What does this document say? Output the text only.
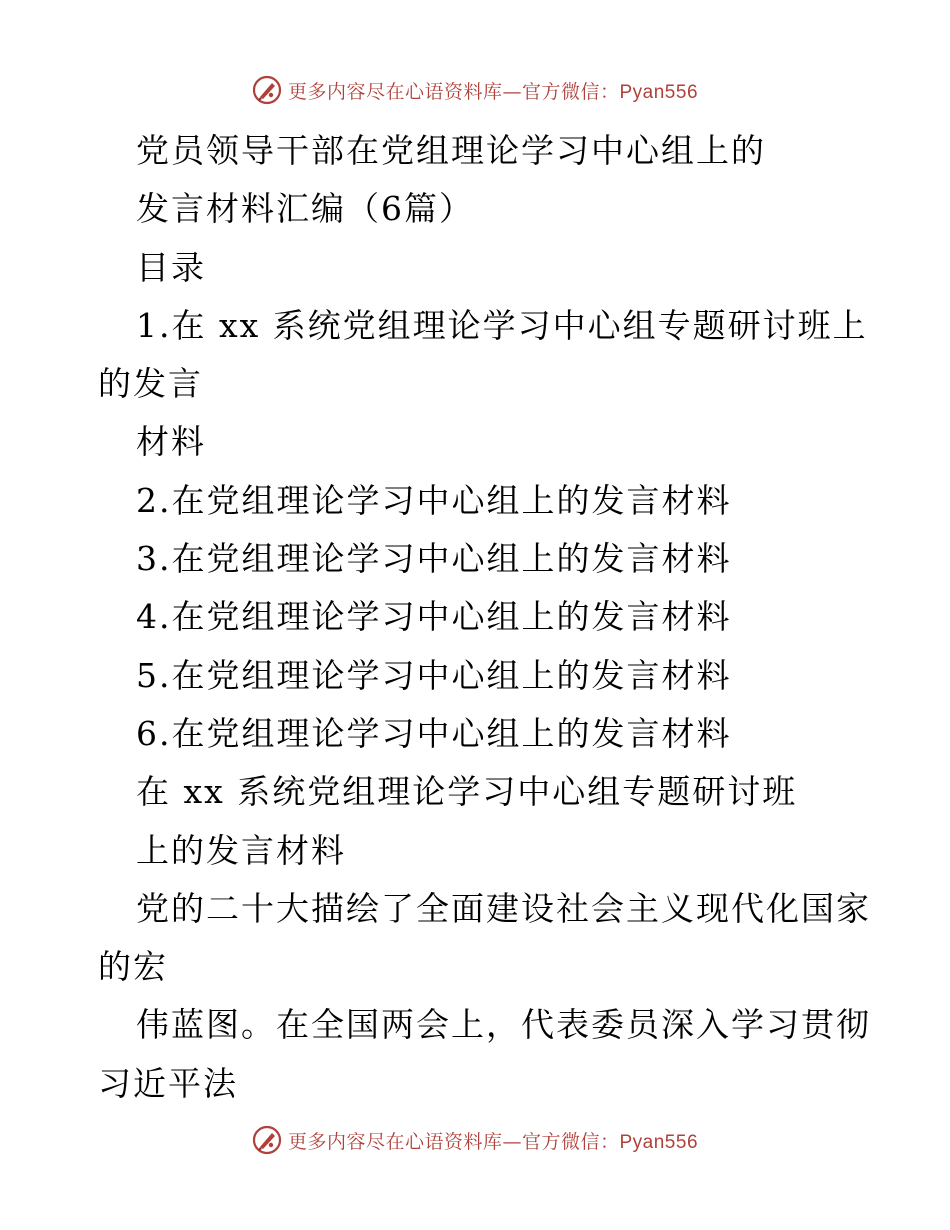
更多内容尽在心语资料库—官方微信：Pyan556
党员领导干部在党组理论学习中心组上的
发言材料汇编（6篇）
目录
1.在 xx 系统党组理论学习中心组专题研讨班上
的发言
材料
2.在党组理论学习中心组上的发言材料
3.在党组理论学习中心组上的发言材料
4.在党组理论学习中心组上的发言材料
5.在党组理论学习中心组上的发言材料
6.在党组理论学习中心组上的发言材料
在 xx 系统党组理论学习中心组专题研讨班
上的发言材料
党的二十大描绘了全面建设社会主义现代化国家
的宏
伟蓝图。在全国两会上，代表委员深入学习贯彻
习近平法
更多内容尽在心语资料库—官方微信：Pyan556
